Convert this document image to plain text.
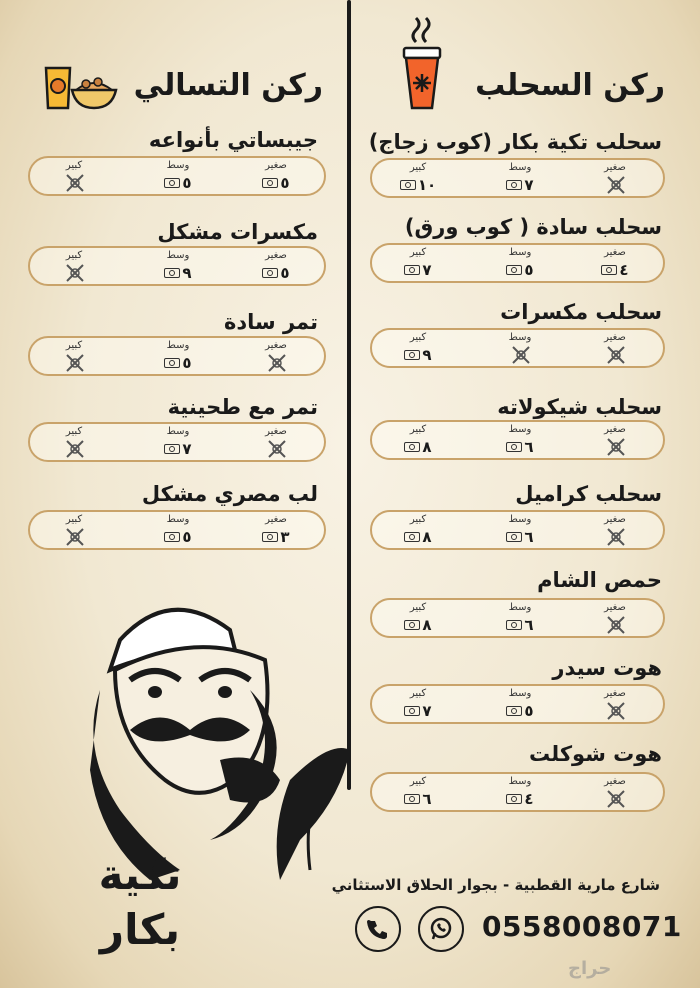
ركن السحلب
ركن التسالي
سحلب تكية بكار (كوب زجاج)
صغير
وسط
٧
كبير
١٠
سحلب سادة ( كوب ورق)
صغير
٤
وسط
٥
كبير
٧
سحلب مكسرات
صغير
وسط
كبير
٩
سحلب شيكولاته
صغير
وسط
٦
كبير
٨
سحلب كراميل
صغير
وسط
٦
كبير
٨
حمص الشام
صغير
وسط
٦
كبير
٨
هوت سيدر
صغير
وسط
٥
كبير
٧
هوت شوكلت
صغير
وسط
٤
كبير
٦
جيبساتي بأنواعه
صغير
٥
وسط
٥
كبير
مكسرات مشكل
صغير
٥
وسط
٩
كبير
تمر سادة
صغير
وسط
٥
كبير
تمر مع طحينية
صغير
وسط
٧
كبير
لب مصري مشكل
صغير
٣
وسط
٥
كبير
تكية
بكار
شارع مارية القطبية - بجوار الحلاق الاستثاني
0558008071
حراج
